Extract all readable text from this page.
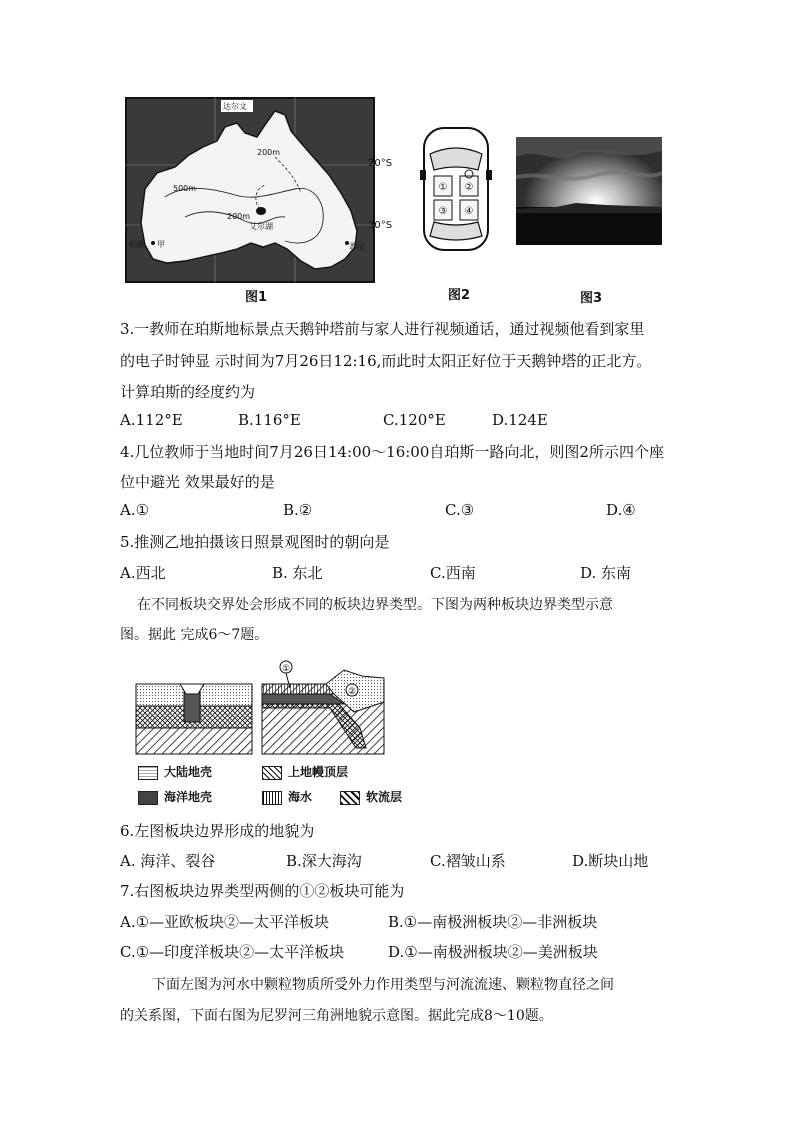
达尔文
200m
500m
200m
艾尔湖
悉尼
珀斯 甲
20°S
30°S
图1
① ②
③ ④
图2	图3
3.一教师在珀斯地标景点天鹅钟塔前与家人进行视频通话，通过视频他看到家里
的电子时钟显 示时间为7月26日12:16,而此时太阳正好位于天鹅钟塔的正北方。
计算珀斯的经度约为
A.112°E	B.116°E	C.120°E	D.124E
4.几位教师于当地时间7月26日14:00～16:00自珀斯一路向北，则图2所示四个座
位中避光 效果最好的是
A.①	B.②	C.③	D.④
5.推测乙地拍摄该日照景观图时的朝向是
A.西北	B. 东北	C.西南	D. 东南
在不同板块交界处会形成不同的板块边界类型。下图为两种板块边界类型示意
图。据此 完成6～7题。
①
②
大陆地壳	上地幔顶层
海洋地壳	海水	软流层
6.左图板块边界形成的地貌为
A. 海洋、裂谷	B.深大海沟	C.褶皱山系	D.断块山地
7.右图板块边界类型两侧的①②板块可能为
A.①—亚欧板块②—太平洋板块	B.①—南极洲板块②—非洲板块
C.①—印度洋板块②—太平洋板块	D.①—南极洲板块②—美洲板块
下面左图为河水中颗粒物质所受外力作用类型与河流流速、颗粒物直径之间
的关系图，下面右图为尼罗河三角洲地貌示意图。据此完成8～10题。
